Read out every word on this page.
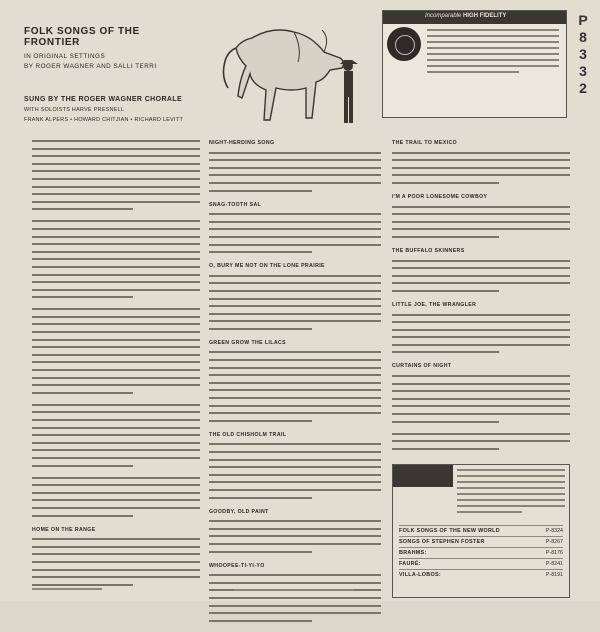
FOLK SONGS OF THE FRONTIER
IN ORIGINAL SETTINGS
BY ROGER WAGNER AND SALLI TERRI
SUNG BY THE ROGER WAGNER CHORALE
WITH SOLOISTS HARVE PRESNELL
FRANK ALPERS • HOWARD CHITJIAN • RICHARD LEVITT
Incomparable HIGH FIDELITY	P
8
3
3
2

HOME ON THE RANGE

NIGHT-HERDING SONG

SNAG-TOOTH SAL

O, BURY ME NOT ON THE LONE PRAIRIE

GREEN GROW THE LILACS

THE OLD CHISHOLM TRAIL

GOODBY, OLD PAINT

WHOOPEE-TI-YI-YO

THE TRAIL TO MEXICO

I'M A POOR LONESOME COWBOY

THE BUFFALO SKINNERS

LITTLE JOE, THE WRANGLER

CURTAINS OF NIGHT

FOLK SONGS OF THE NEW WORLD	P-8324
SONGS OF STEPHEN FOSTER	P-8267
BRAHMS:	P-8176
FAURÉ:	P-8241
VILLA-LOBOS:	P-8191
